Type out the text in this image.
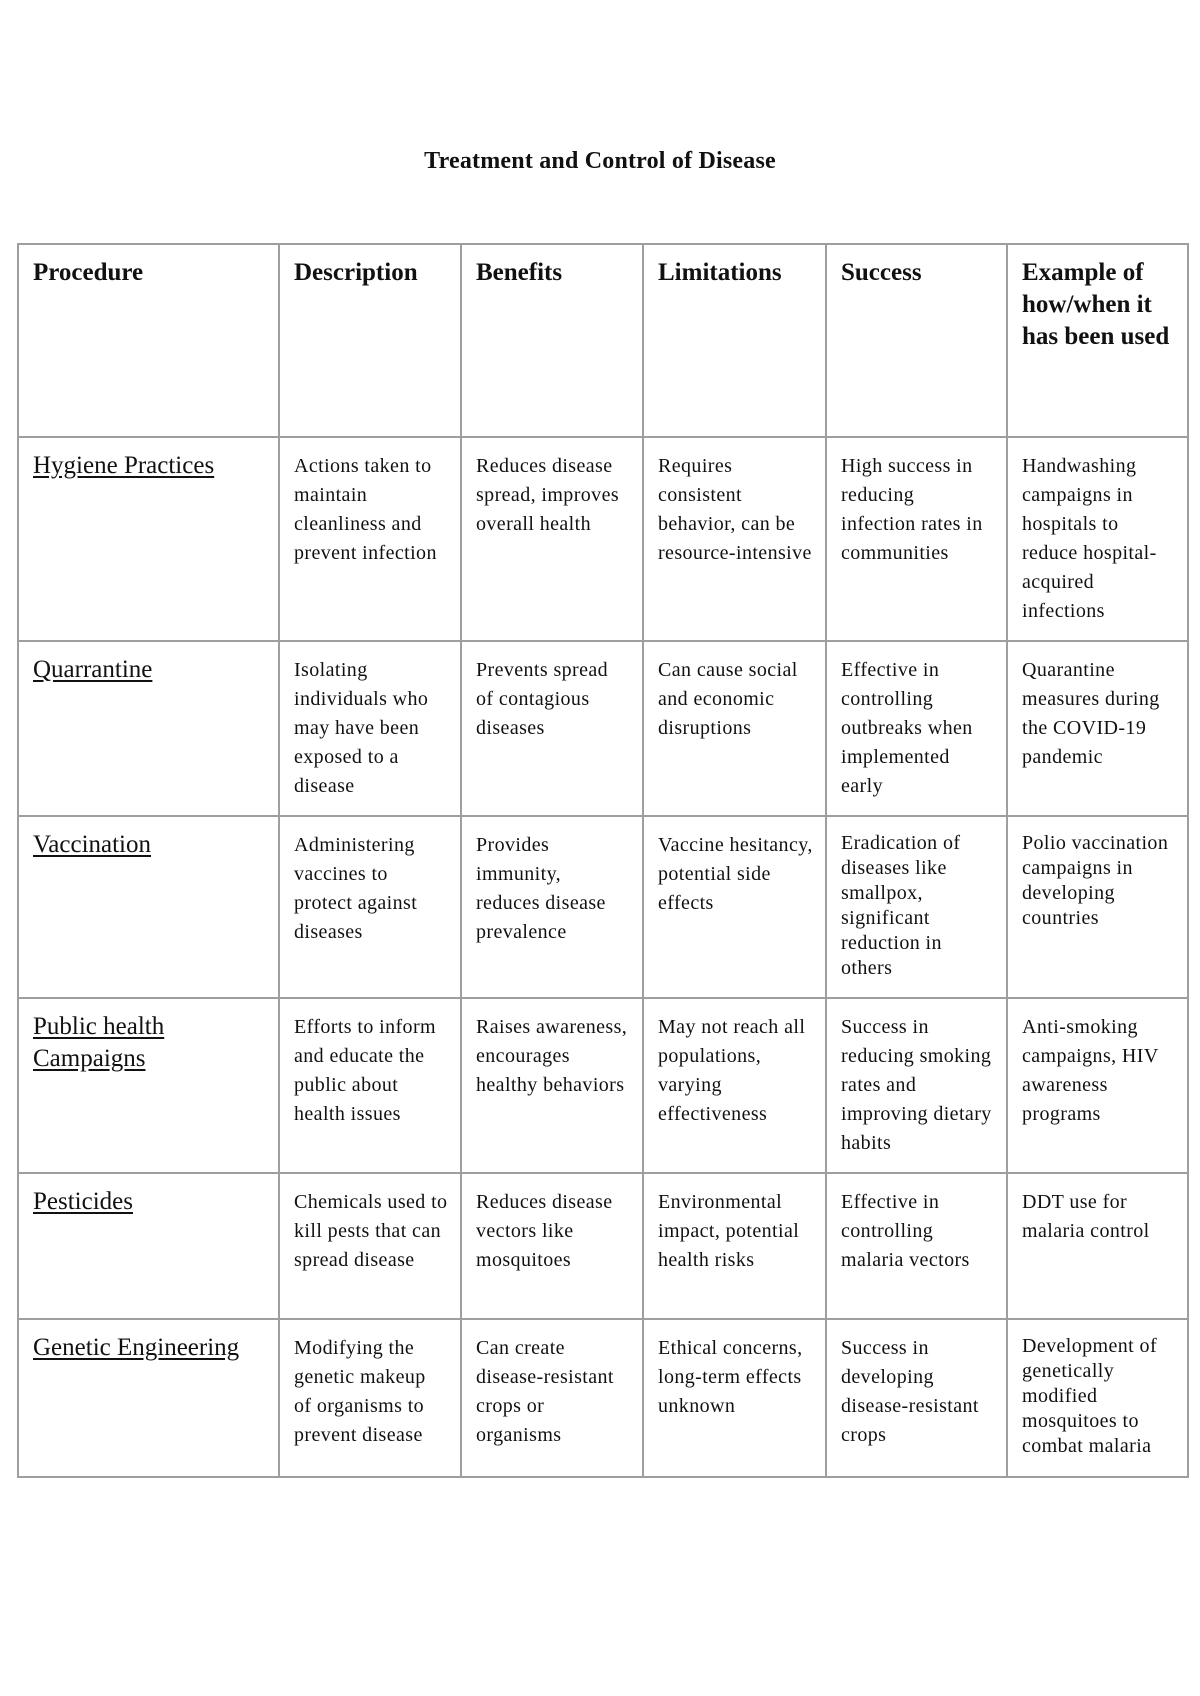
Treatment and Control of Disease
Procedure	Description	Benefits	Limitations	Success	Example of how/when it has been used

Hygiene Practices	Actions taken to maintain cleanliness and prevent infection	Reduces disease spread, improves overall health	Requires consistent behavior, can be resource-intensive	High success in reducing infection rates in communities	Handwashing campaigns in hospitals to reduce hospital-acquired infections

Quarrantine	Isolating individuals who may have been exposed to a disease	Prevents spread of contagious diseases	Can cause social and economic disruptions	Effective in controlling outbreaks when implemented early	Quarantine measures during the COVID-19 pandemic

Vaccination	Administering vaccines to protect against diseases	Provides immunity, reduces disease prevalence	Vaccine hesitancy, potential side effects	Eradication of diseases like smallpox, significant reduction in others	Polio vaccination campaigns in developing countries

Public health Campaigns	Efforts to inform and educate the public about health issues	Raises awareness, encourages healthy behaviors	May not reach all populations, varying effectiveness	Success in reducing smoking rates and improving dietary habits	Anti-smoking campaigns, HIV awareness programs

Pesticides	Chemicals used to kill pests that can spread disease	Reduces disease vectors like mosquitoes	Environmental impact, potential health risks	Effective in controlling malaria vectors	DDT use for malaria control

Genetic Engineering	Modifying the genetic makeup of organisms to prevent disease	Can create disease-resistant crops or organisms	Ethical concerns, long-term effects unknown	Success in developing disease-resistant crops	Development of genetically modified mosquitoes to combat malaria
